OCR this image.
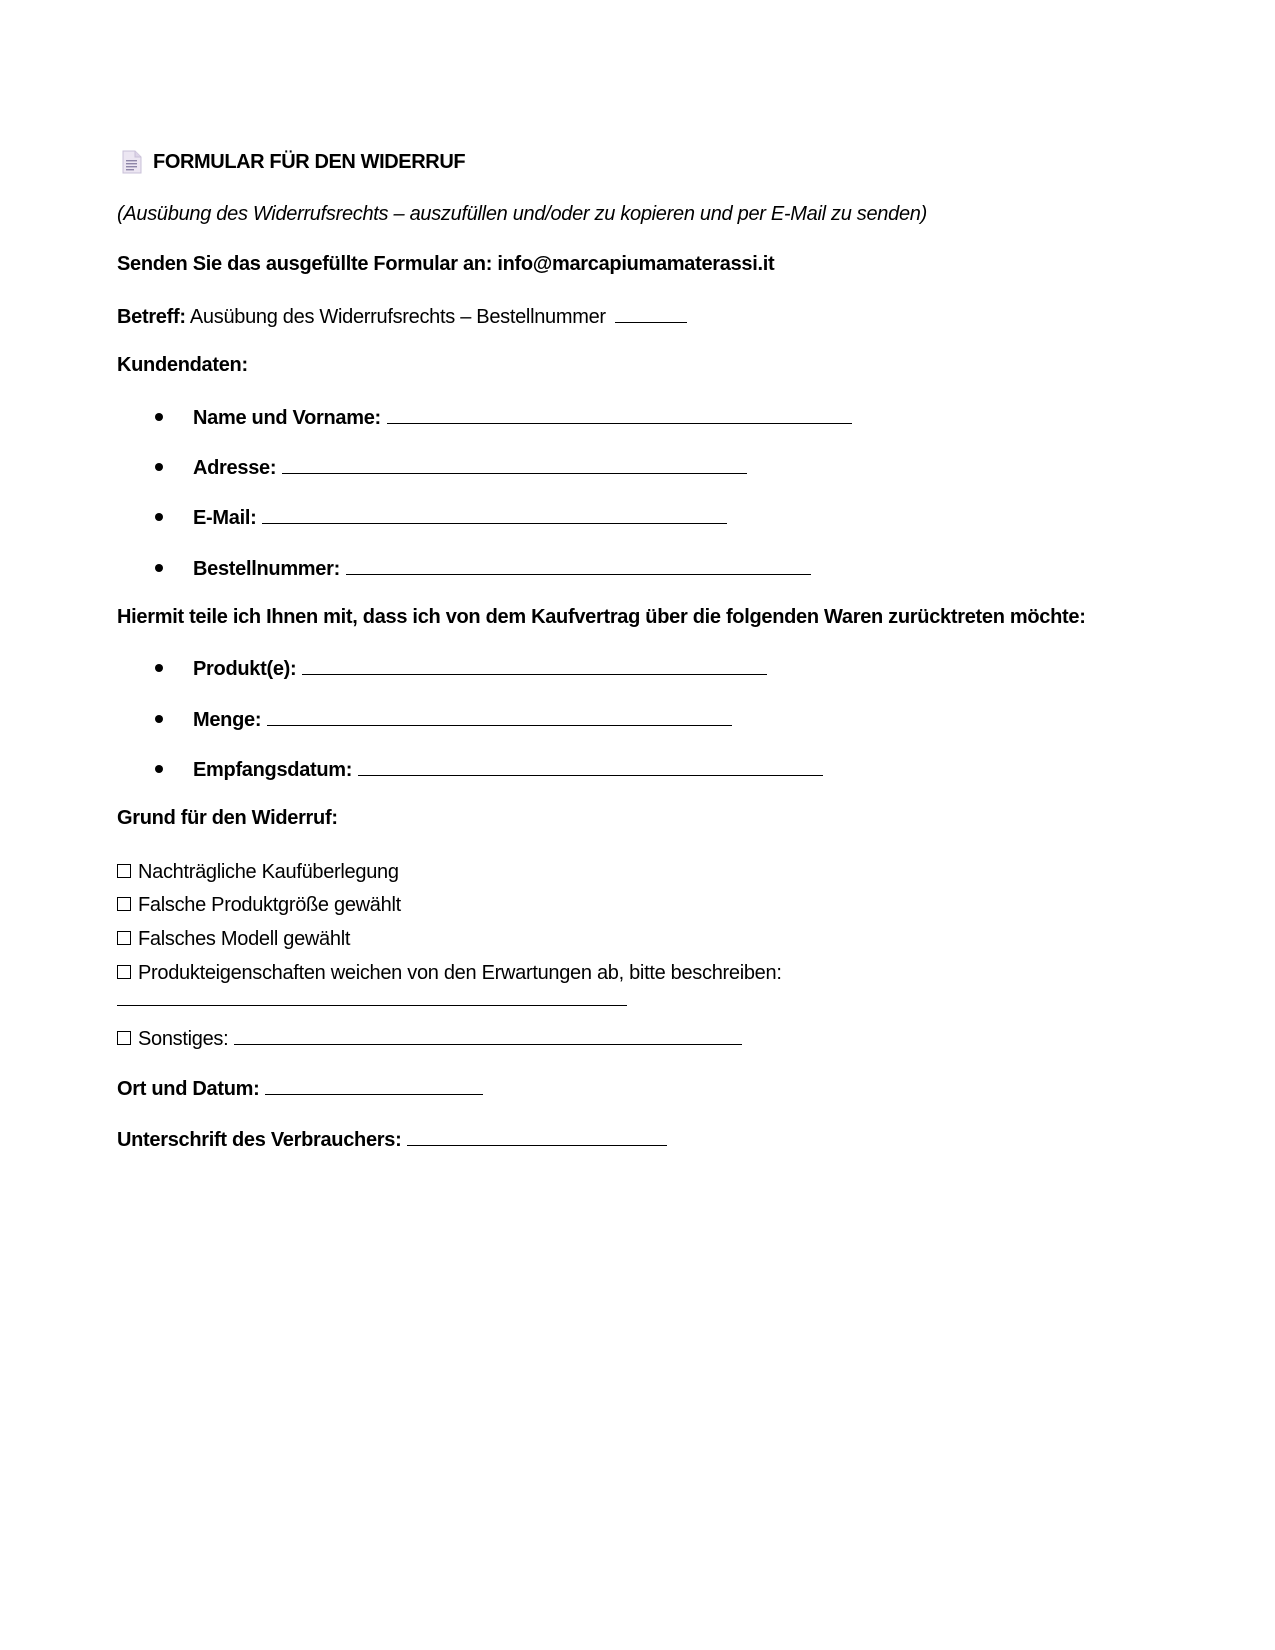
FORMULAR FÜR DEN WIDERRUF
(Ausübung des Widerrufsrechts – auszufüllen und/oder zu kopieren und per E-Mail zu senden)
Senden Sie das ausgefüllte Formular an: info@marcapiumamaterassi.it
Betreff: Ausübung des Widerrufsrechts – Bestellnummer
Kundendaten:
Name und Vorname:
Adresse:
E-Mail:
Bestellnummer:
Hiermit teile ich Ihnen mit, dass ich von dem Kaufvertrag über die folgenden Waren zurücktreten möchte:
Produkt(e):
Menge:
Empfangsdatum:
Grund für den Widerruf:
Nachträgliche Kaufüberlegung
Falsche Produktgröße gewählt
Falsches Modell gewählt
Produkteigenschaften weichen von den Erwartungen ab, bitte beschreiben:
Sonstiges:
Ort und Datum:
Unterschrift des Verbrauchers:
